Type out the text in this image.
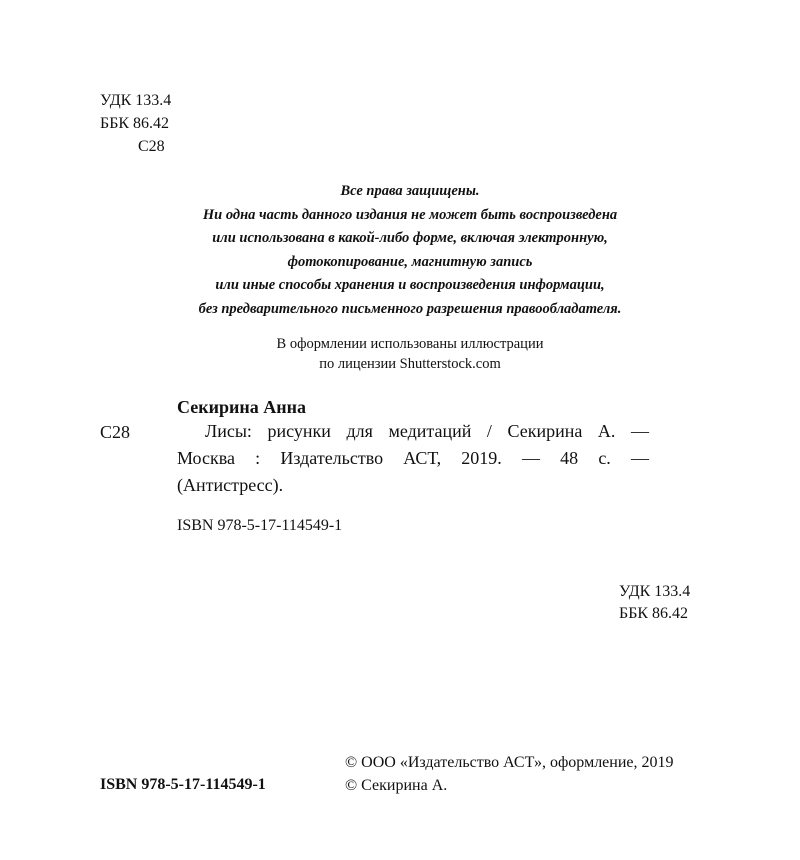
УДК 133.4
ББК 86.42
С28
Все права защищены.
Ни одна часть данного издания не может быть воспроизведена
или использована в какой-либо форме, включая электронную,
фотокопирование, магнитную запись
или иные способы хранения и воспроизведения информации,
без предварительного письменного разрешения правообладателя.
В оформлении использованы иллюстрации
по лицензии Shutterstock.com
Секирина Анна
С28	Лисы: рисунки для медитаций / Секирина А. —
Москва : Издательство АСТ, 2019. — 48 с. —
(Антистресс).
ISBN 978-5-17-114549-1
УДК 133.4
ББК 86.42
ISBN 978-5-17-114549-1
© ООО «Издательство АСТ», оформление, 2019
© Секирина А.
